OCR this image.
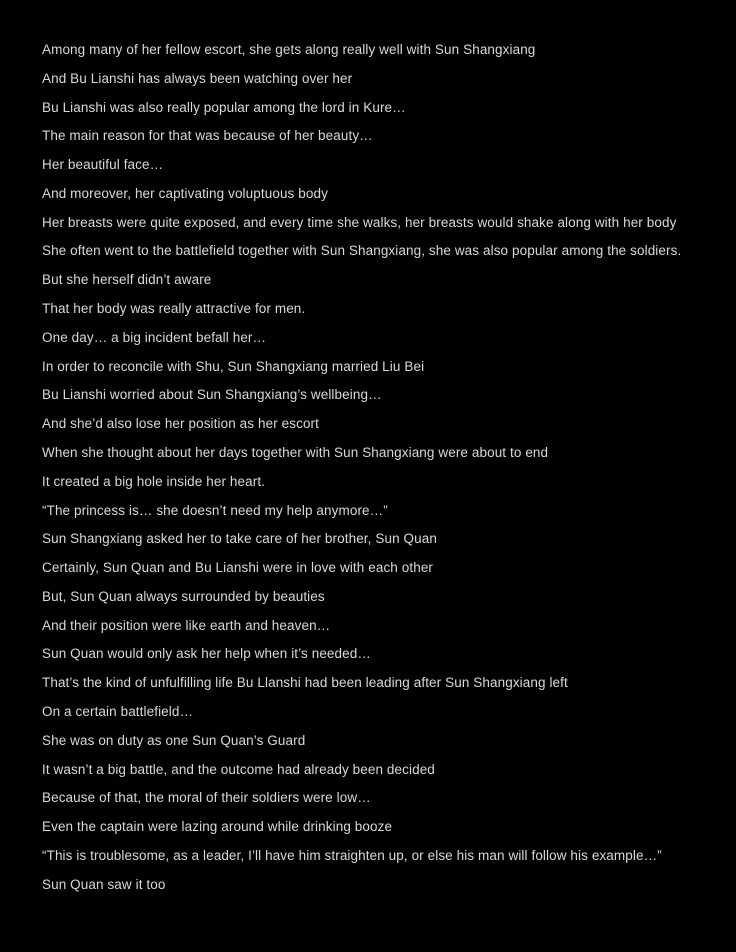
Among many of her fellow escort, she gets along really well with Sun Shangxiang
And Bu Lianshi has always been watching over her
Bu Lianshi was also really popular among the lord in Kure…
The main reason for that was because of her beauty…
Her beautiful face…
And moreover, her captivating voluptuous body
Her breasts were quite exposed, and every time she walks, her breasts would shake along with her body
She often went to the battlefield together with Sun Shangxiang, she was also popular among the soldiers.
But she herself didn’t aware
That her body was really attractive for men.
One day… a big incident befall her…
In order to reconcile with Shu, Sun Shangxiang married Liu Bei
Bu Lianshi worried about Sun Shangxiang’s wellbeing…
And she’d also lose her position as her escort
When she thought about her days together with Sun Shangxiang were about to end
It created a big hole inside her heart.
“The princess is… she doesn’t need my help anymore…”
Sun Shangxiang asked her to take care of her brother, Sun Quan
Certainly, Sun Quan and Bu Lianshi were in love with each other
But, Sun Quan always surrounded by beauties
And their position were like earth and heaven…
Sun Quan would only ask her help when it’s needed…
That’s the kind of unfulfilling life Bu Llanshi had been leading after Sun Shangxiang left
On a certain battlefield…
She was on duty as one Sun Quan’s Guard
It wasn’t a big battle, and the outcome had already been decided
Because of that, the moral of their soldiers were low…
Even the captain were lazing around while drinking booze
“This is troublesome, as a leader, I’ll have him straighten up, or else his man will follow his example…”
Sun Quan saw it too
